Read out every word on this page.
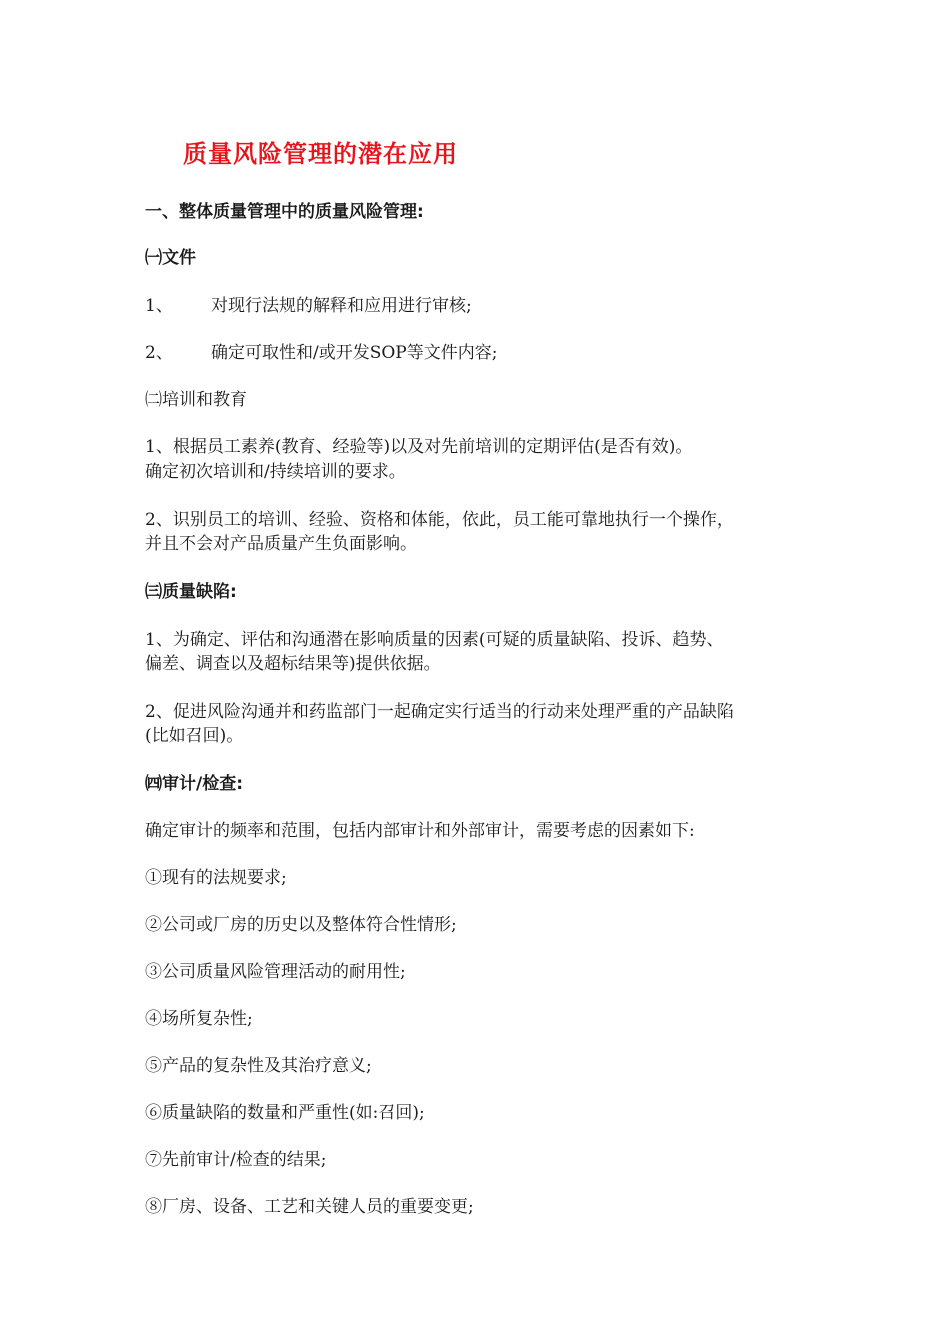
质量风险管理的潜在应用
一、整体质量管理中的质量风险管理:
㈠文件
1、 对现行法规的解释和应用进行审核;
2、 确定可取性和/或开发SOP等文件内容;
㈡培训和教育
1、根据员工素养(教育、经验等)以及对先前培训的定期评估(是否有效)。
确定初次培训和/持续培训的要求。
2、识别员工的培训、经验、资格和体能，依此，员工能可靠地执行一个操作，
并且不会对产品质量产生负面影响。
㈢质量缺陷:
1、为确定、评估和沟通潜在影响质量的因素(可疑的质量缺陷、投诉、趋势、
偏差、调查以及超标结果等)提供依据。
2、促进风险沟通并和药监部门一起确定实行适当的行动来处理严重的产品缺陷
(比如召回)。
㈣审计/检查:
确定审计的频率和范围，包括内部审计和外部审计，需要考虑的因素如下:
①现有的法规要求;
②公司或厂房的历史以及整体符合性情形;
③公司质量风险管理活动的耐用性;
④场所复杂性;
⑤产品的复杂性及其治疗意义;
⑥质量缺陷的数量和严重性(如:召回);
⑦先前审计/检查的结果;
⑧厂房、设备、工艺和关键人员的重要变更;
